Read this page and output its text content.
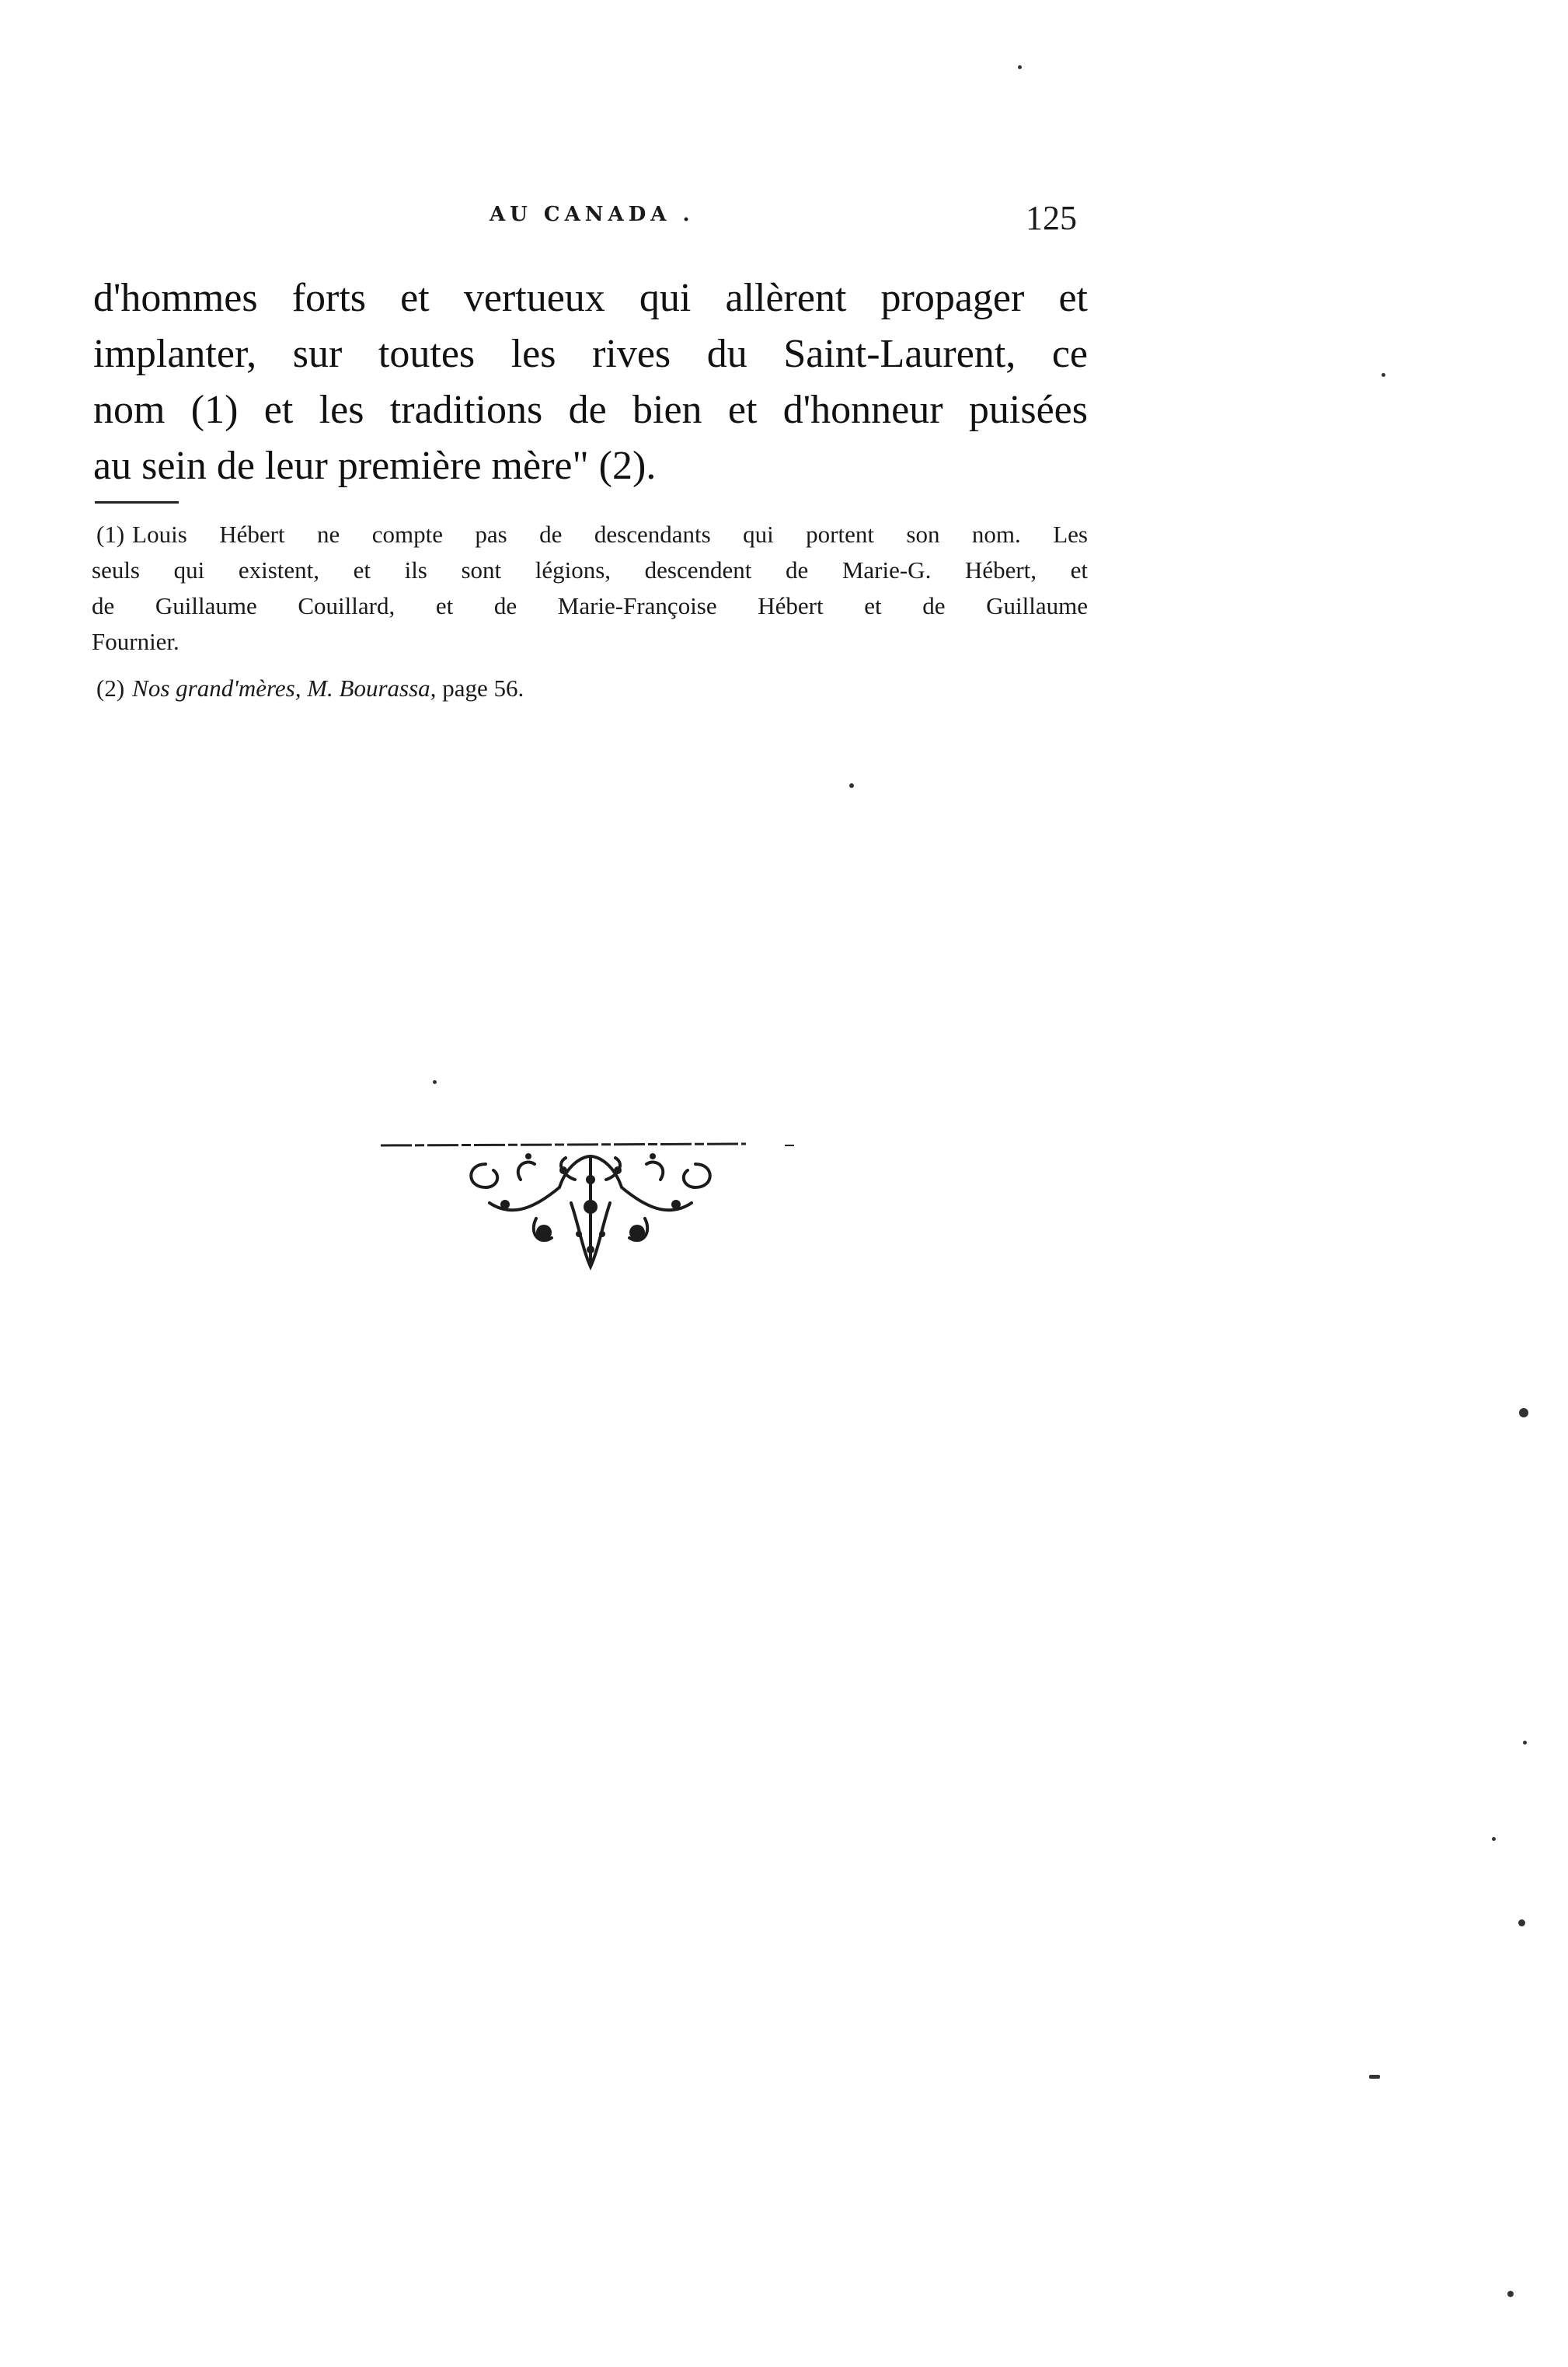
AU CANADA .	125
d'hommes forts et vertueux qui allèrent propager et
implanter, sur toutes les rives du Saint-Laurent, ce
nom (1) et les traditions de bien et d'honneur puisées
au sein de leur première mère" (2).
(1) Louis Hébert ne compte pas de descendants qui portent son nom. Les
seuls qui existent, et ils sont légions, descendent de Marie-G. Hébert, et
de Guillaume Couillard, et de Marie-Françoise Hébert et de Guillaume
Fournier.
(2) Nos grand'mères, M. Bourassa, page 56.
